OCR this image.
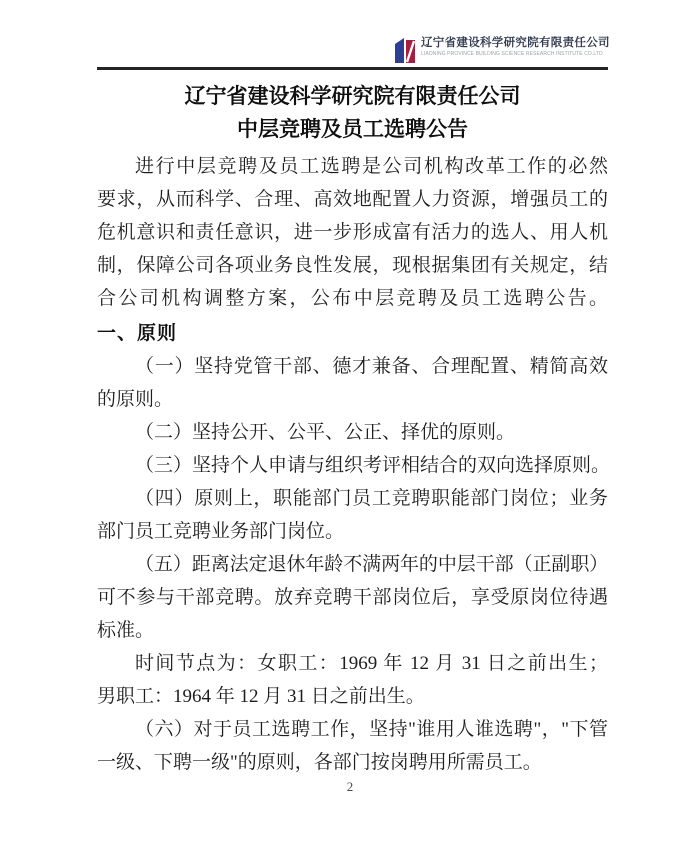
辽宁省建设科学研究院有限责任公司
LIAONING PROVINCE BUILDING SCIENCE RESEARCH INSTITUTE CO.LTD.
辽宁省建设科学研究院有限责任公司
中层竞聘及员工选聘公告
进行中层竞聘及员工选聘是公司机构改革工作的必然
要求，从而科学、合理、高效地配置人力资源，增强员工的
危机意识和责任意识，进一步形成富有活力的选人、用人机
制，保障公司各项业务良性发展，现根据集团有关规定，结
合公司机构调整方案，公布中层竞聘及员工选聘公告。
一、原则
（一）坚持党管干部、德才兼备、合理配置、精简高效
的原则。
（二）坚持公开、公平、公正、择优的原则。
（三）坚持个人申请与组织考评相结合的双向选择原则。
（四）原则上，职能部门员工竞聘职能部门岗位；业务
部门员工竞聘业务部门岗位。
（五）距离法定退休年龄不满两年的中层干部（正副职）
可不参与干部竞聘。放弃竞聘干部岗位后，享受原岗位待遇
标准。
时间节点为：女职工：1969 年 12 月 31 日之前出生；
男职工：1964 年 12 月 31 日之前出生。
（六）对于员工选聘工作，坚持"谁用人谁选聘"，"下管
一级、下聘一级"的原则，各部门按岗聘用所需员工。
2
